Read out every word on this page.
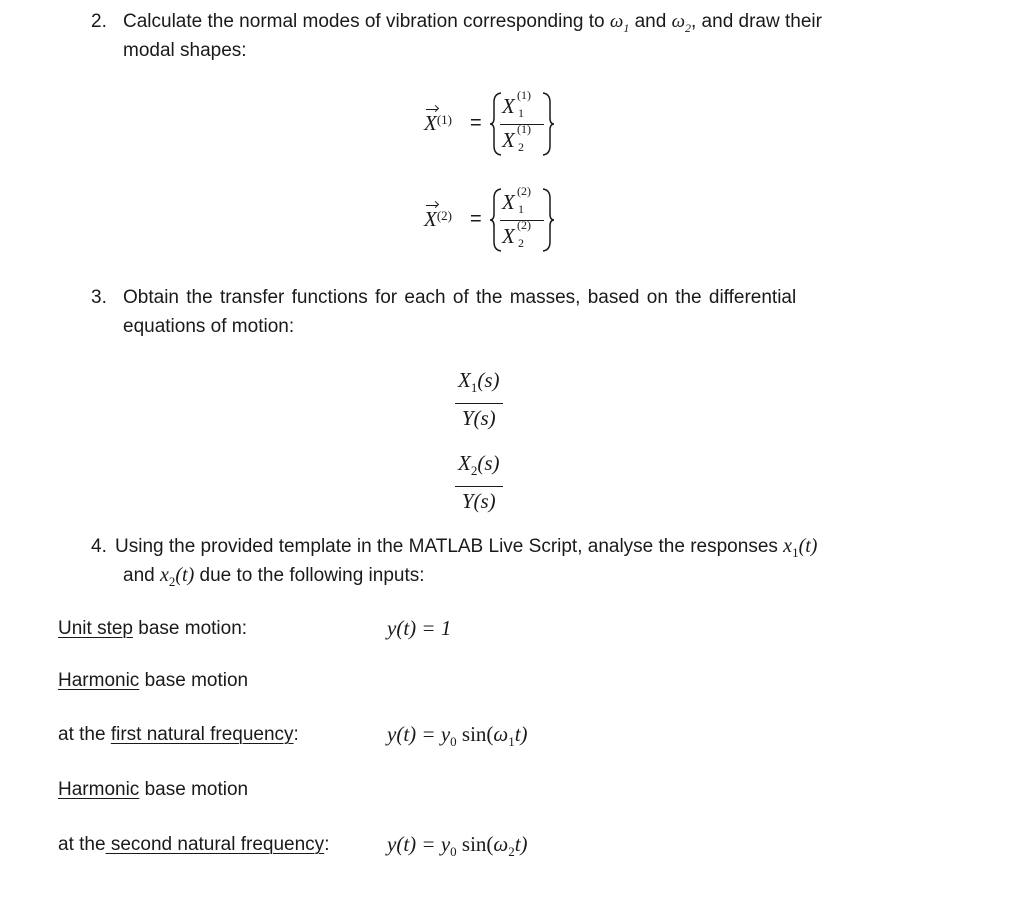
2. Calculate the normal modes of vibration corresponding to $\omega_1$ and $\omega_2$, and draw their
modal shapes:
$X^{(1)}$ =
X (1)
1
X (1)
2
$X^{(2)}$ =
X (2)
1
X (2)
2
3. Obtain the transfer functions for each of the masses, based on the differential
equations of motion:
$\frac{X_1(s)}{Y(s)}$
$\frac{X_2(s)}{Y(s)}$
4. Using the provided template in the MATLAB Live Script, analyse the responses $x_1(t)$
and $x_2(t)$ due to the following inputs:
Unit step base motion:	y(t) = 1
Harmonic base motion
at the first natural frequency:	$y(t) = y_0$ $\sin(\omega_1t)$
Harmonic base motion
at the second natural frequency:	$y(t) = y_0$ $\sin(\omega_2t)$
